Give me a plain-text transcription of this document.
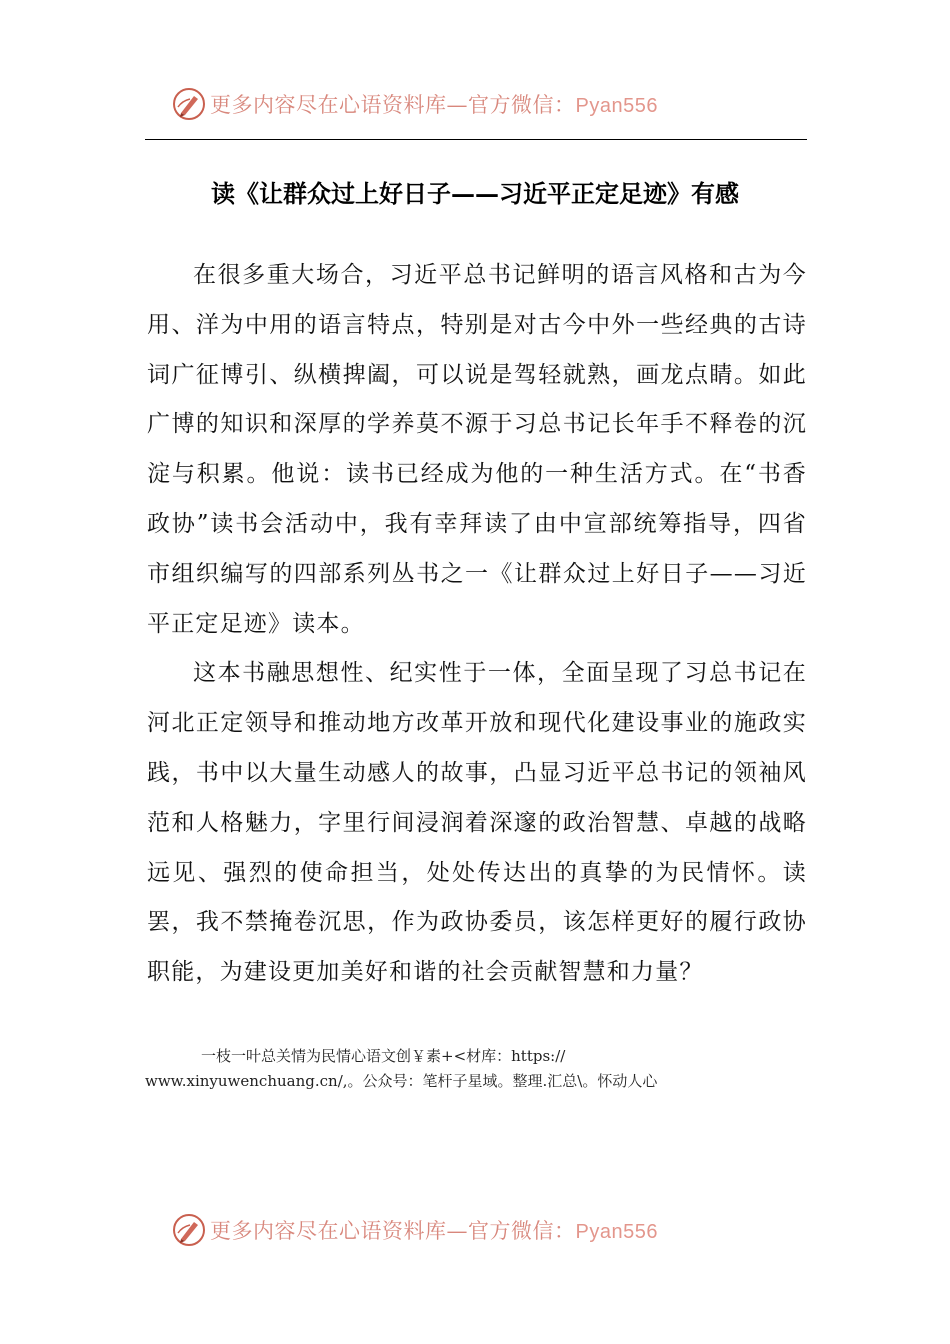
更多内容尽在心语资料库—官方微信：Pyan556
读《让群众过上好日子——习近平正定足迹》有感

在很多重大场合，习近平总书记鲜明的语言风格和古为今用、洋为中用的语言特点，特别是对古今中外一些经典的古诗词广征博引、纵横捭阖，可以说是驾轻就熟，画龙点睛。如此广博的知识和深厚的学养莫不源于习总书记长年手不释卷的沉淀与积累。他说：读书已经成为他的一种生活方式。在“书香政协”读书会活动中，我有幸拜读了由中宣部统筹指导，四省市组织编写的四部系列丛书之一《让群众过上好日子——习近平正定足迹》读本。

这本书融思想性、纪实性于一体，全面呈现了习总书记在河北正定领导和推动地方改革开放和现代化建设事业的施政实践，书中以大量生动感人的故事，凸显习近平总书记的领袖风范和人格魅力，字里行间浸润着深邃的政治智慧、卓越的战略远见、强烈的使命担当，处处传达出的真挚的为民情怀。读罢，我不禁掩卷沉思，作为政协委员，该怎样更好的履行政协职能，为建设更加美好和谐的社会贡献智慧和力量？

一枝一叶总关情为民情心语文创￥素+<材库：https://
www.xinyuwenchuang.cn/,。公众号：笔杆子星域。整理.汇总\。怀动人心
更多内容尽在心语资料库—官方微信：Pyan556
